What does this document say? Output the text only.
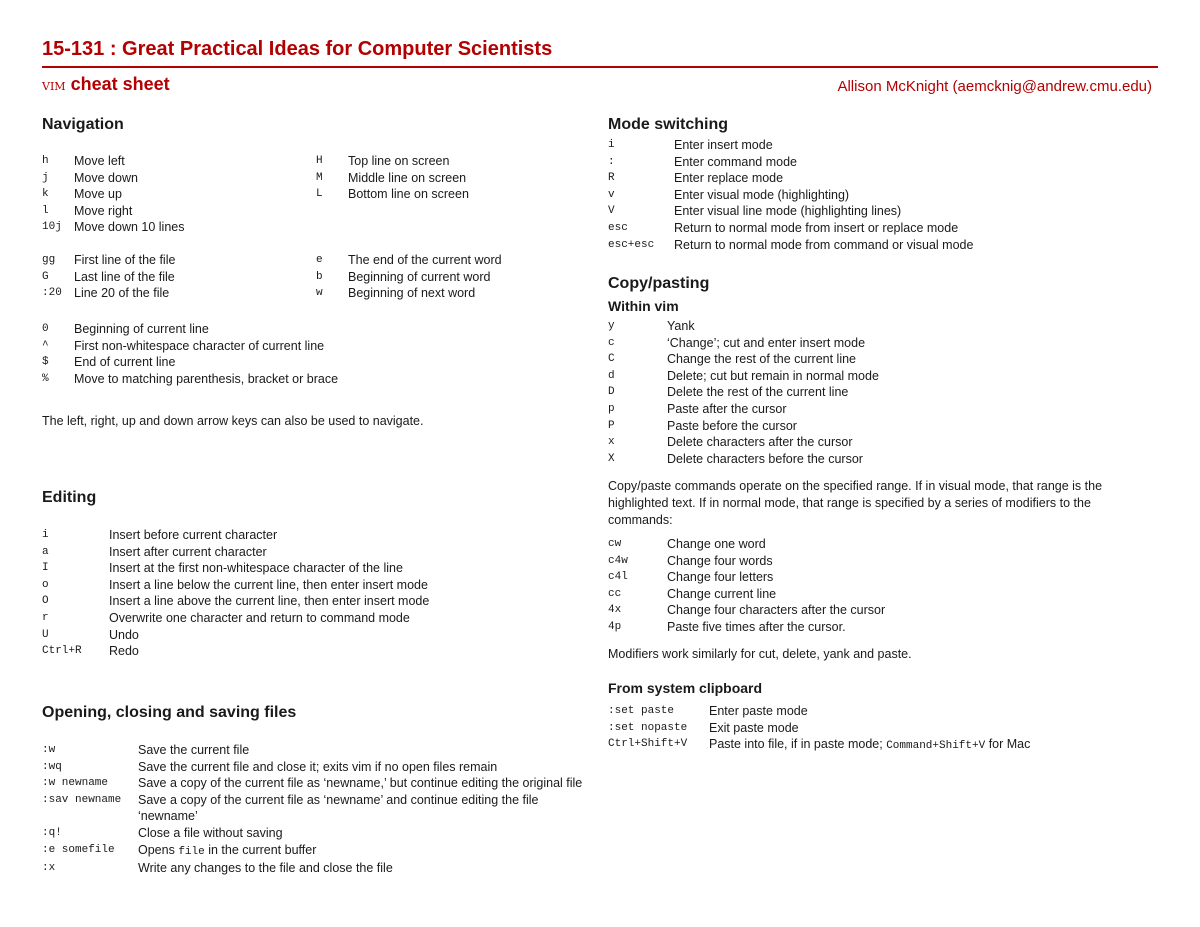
15-131 : Great Practical Ideas for Computer Scientists
vim cheat sheet	Allison McKnight (aemcknig@andrew.cmu.edu)
Navigation
h	Move left
j	Move down
k	Move up
l	Move right
10j Move down 10 lines
H	Top line on screen
M	Middle line on screen
L	Bottom line on screen
gg	First line of the file
G	Last line of the file
:20 Line 20 of the file
e	The end of the current word
b	Beginning of current word
w	Beginning of next word
0	Beginning of current line
^	First non-whitespace character of current line
$	End of current line
%	Move to matching parenthesis, bracket or brace
The left, right, up and down arrow keys can also be used to navigate.
Editing
i	Insert before current character
a	Insert after current character
I	Insert at the first non-whitespace character of the line
o	Insert a line below the current line, then enter insert mode
O	Insert a line above the current line, then enter insert mode
r	Overwrite one character and return to command mode
U	Undo
Ctrl+R	Redo
Opening, closing and saving files
:w	Save the current file
:wq	Save the current file and close it; exits vim if no open files remain
:w newname	Save a copy of the current file as ‘newname,’ but continue editing the original file
:sav newname	Save a copy of the current file as ‘newname’ and continue editing the file ‘newname’
:q!	Close a file without saving
:e somefile	Opens file in the current buffer
:x	Write any changes to the file and close the file
Mode switching
i	Enter insert mode
:	Enter command mode
R	Enter replace mode
v	Enter visual mode (highlighting)
V	Enter visual line mode (highlighting lines)
esc	Return to normal mode from insert or replace mode
esc+esc	Return to normal mode from command or visual mode
Copy/pasting
Within vim
y	Yank
c	‘Change’; cut and enter insert mode
C	Change the rest of the current line
d	Delete; cut but remain in normal mode
D	Delete the rest of the current line
p	Paste after the cursor
P	Paste before the cursor
x	Delete characters after the cursor
X	Delete characters before the cursor
Copy/paste commands operate on the specified range. If in visual mode, that range is the highlighted text. If in normal mode, that range is specified by a series of modifiers to the commands:
cw	Change one word
c4w	Change four words
c4l	Change four letters
cc	Change current line
4x	Change four characters after the cursor
4p	Paste five times after the cursor.
Modifiers work similarly for cut, delete, yank and paste.
From system clipboard
:set paste	Enter paste mode
:set nopaste	Exit paste mode
Ctrl+Shift+V	Paste into file, if in paste mode; Command+Shift+V for Mac
